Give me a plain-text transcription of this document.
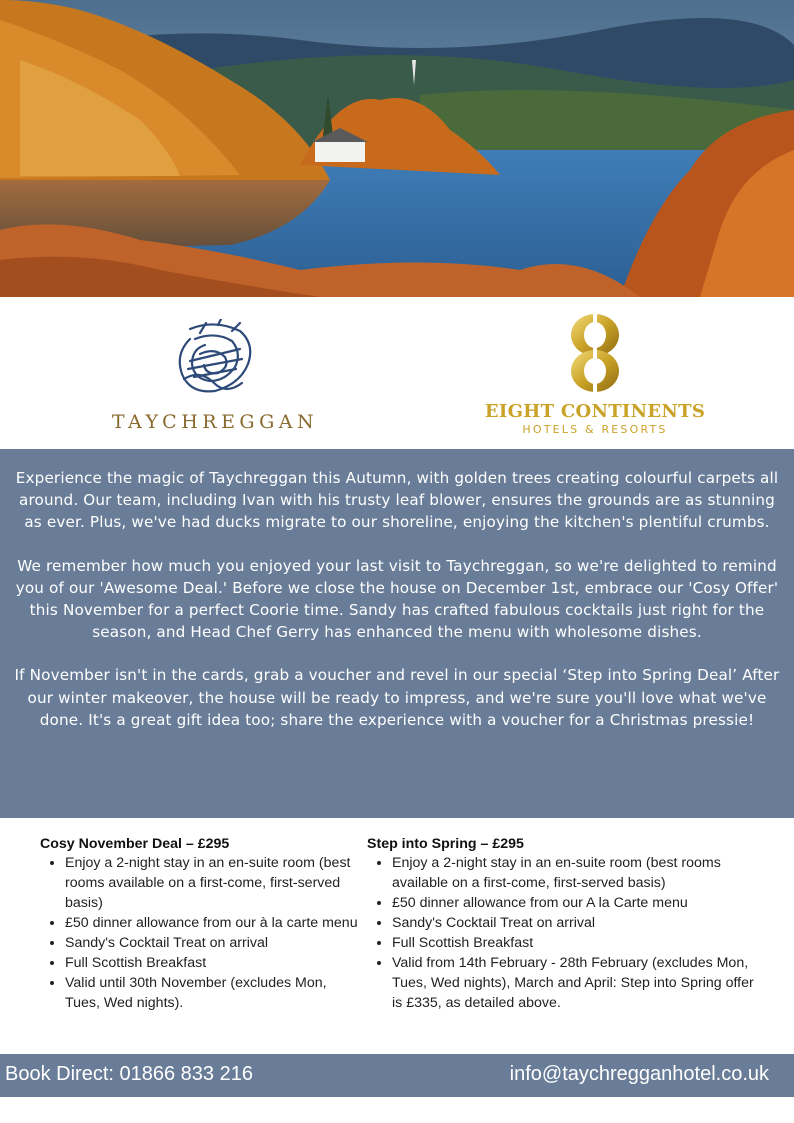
TAYCHREGGAN	EIGHT CONTINENTS
HOTELS & RESORTS

Experience the magic of Taychreggan this Autumn, with golden trees creating colourful carpets all around. Our team, including Ivan with his trusty leaf blower, ensures the grounds are as stunning as ever. Plus, we've had ducks migrate to our shoreline, enjoying the kitchen's plentiful crumbs.

We remember how much you enjoyed your last visit to Taychreggan, so we're delighted to remind you of our 'Awesome Deal.' Before we close the house on December 1st, embrace our 'Cosy Offer' this November for a perfect Coorie time. Sandy has crafted fabulous cocktails just right for the season, and Head Chef Gerry has enhanced the menu with wholesome dishes.

If November isn't in the cards, grab a voucher and revel in our special ‘Step into Spring Deal’ After our winter makeover, the house will be ready to impress, and we're sure you'll love what we've done. It's a great gift idea too; share the experience with a voucher for a Christmas pressie!

Cosy November Deal – £295
• Enjoy a 2-night stay in an en-suite room (best rooms available on a first-come, first-served basis)
• £50 dinner allowance from our à la carte menu
• Sandy's Cocktail Treat on arrival
• Full Scottish Breakfast
• Valid until 30th November (excludes Mon, Tues, Wed nights).
Step into Spring – £295
• Enjoy a 2-night stay in an en-suite room (best rooms available on a first-come, first-served basis)
• £50 dinner allowance from our A la Carte menu
• Sandy's Cocktail Treat on arrival
• Full Scottish Breakfast
• Valid from 14th February - 28th February (excludes Mon, Tues, Wed nights), March and April: Step into Spring offer is £335, as detailed above.
Book Direct: 01866 833 216	info@taychregganhotel.co.uk
